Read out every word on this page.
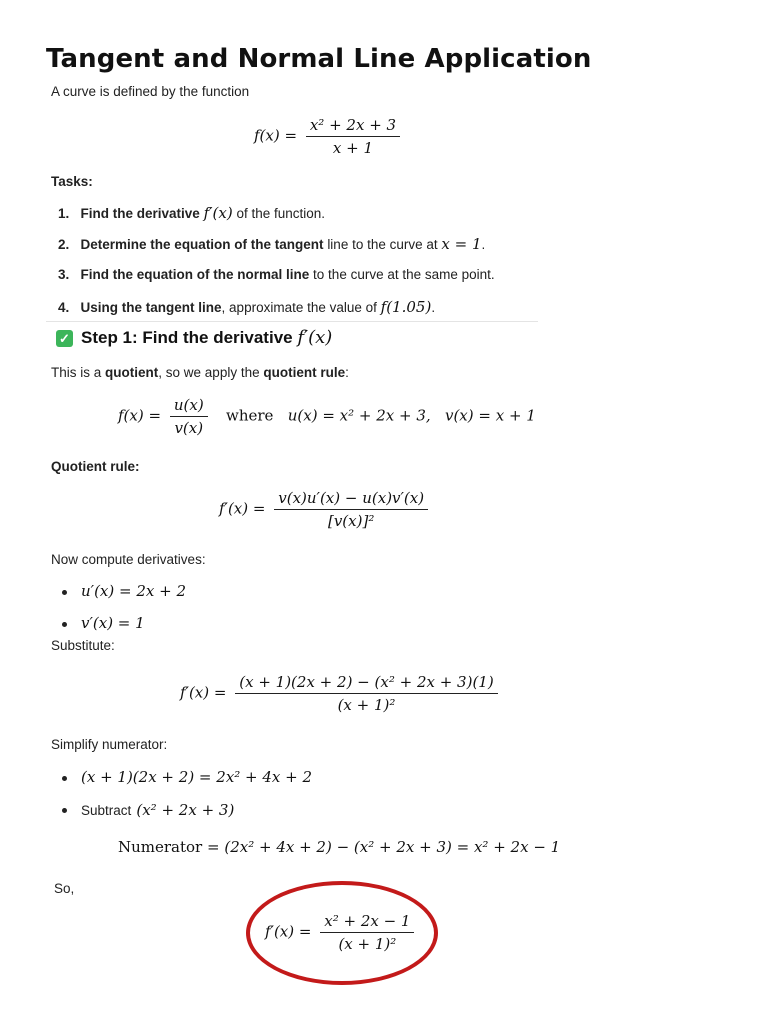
Tangent and Normal Line Application
A curve is defined by the function
$f(x) = \frac{\text{x² + 2x + 3}}{x + 1}$
Tasks:
1. Find the derivative f′(x) of the function.
2. Determine the equation of the tangent line to the curve at x = 1.
3. Find the equation of the normal line to the curve at the same point.
4. Using the tangent line, approximate the value of f(1.05).
✓ Step 1: Find the derivative f′(x)
This is a quotient, so we apply the quotient rule:
$f(x) = \frac{u(x)}{v(x)}$ where u(x) = x² + 2x + 3, v(x) = x + 1
Quotient rule:
$f'(x) = \frac{v(x)u'(x) - u(x)v'(x)}{\text{[v(x)]²}}$
Now compute derivatives:
u′(x) = 2x + 2
v′(x) = 1
Substitute:
$f'(x) = \frac{\text{(x + 1)(2x + 2) − (x² + 2x + 3)(1)}}{\text{(x + 1)²}}$
Simplify numerator:
(x + 1)(2x + 2) = 2x² + 4x + 2
Subtract (x² + 2x + 3)
Numerator = (2x² + 4x + 2) − (x² + 2x + 3) = x² + 2x − 1
So,
$f'(x) = \frac{\text{x² + 2x − 1}}{\text{(x + 1)²}}$
